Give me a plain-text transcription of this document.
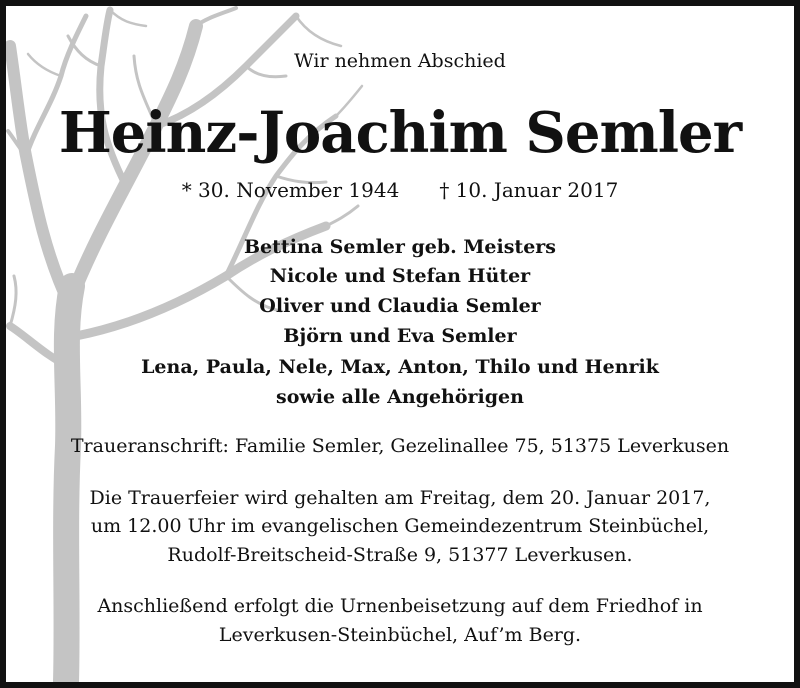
Wir nehmen Abschied
Heinz-Joachim Semler
* 30. November 1944 † 10. Januar 2017
Bettina Semler geb. Meisters
Nicole und Stefan Hüter
Oliver und Claudia Semler
Björn und Eva Semler
Lena, Paula, Nele, Max, Anton, Thilo und Henrik
sowie alle Angehörigen
Traueranschrift: Familie Semler, Gezelinallee 75, 51375 Leverkusen
Die Trauerfeier wird gehalten am Freitag, dem 20. Januar 2017,
um 12.00 Uhr im evangelischen Gemeindezentrum Steinbüchel,
Rudolf-Breitscheid-Straße 9, 51377 Leverkusen.
Anschließend erfolgt die Urnenbeisetzung auf dem Friedhof in
Leverkusen-Steinbüchel, Auf’m Berg.
